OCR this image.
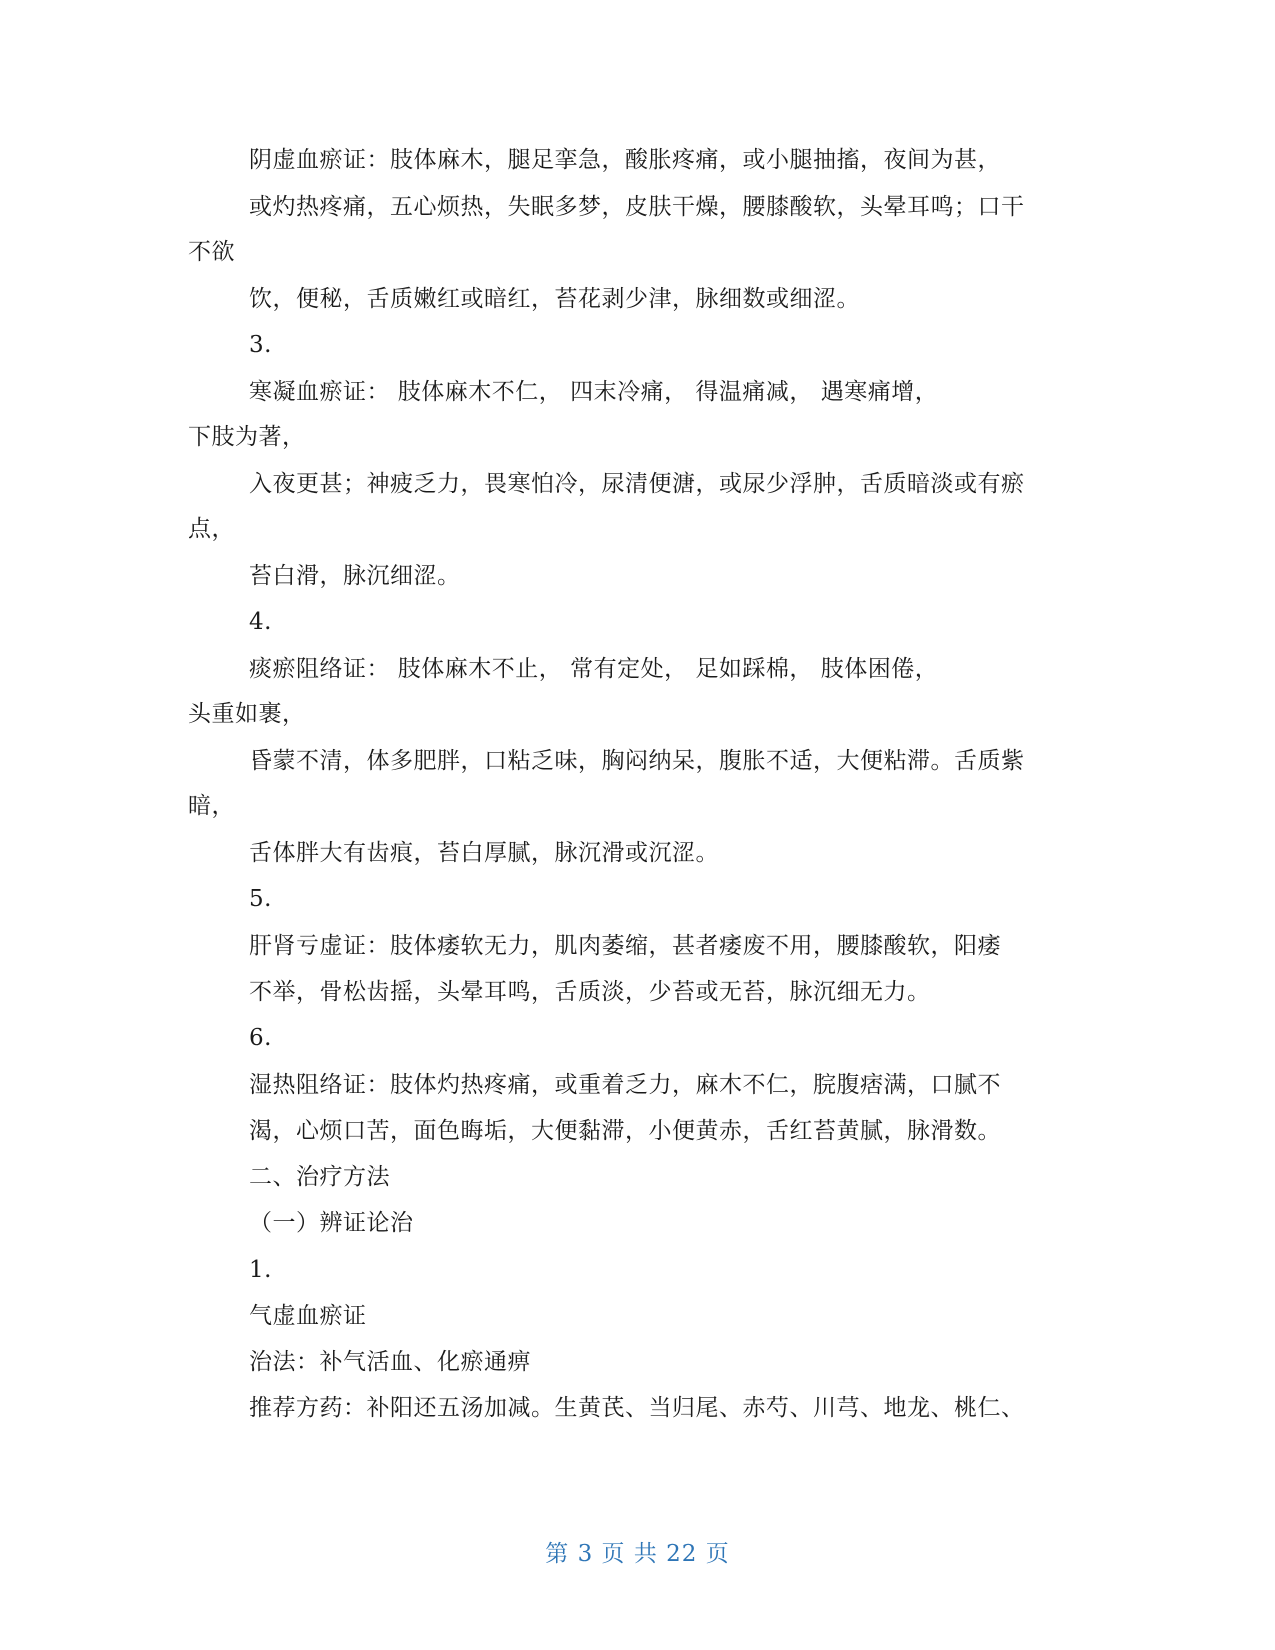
阴虚血瘀证：肢体麻木，腿足挛急，酸胀疼痛，或小腿抽搐，夜间为甚，
或灼热疼痛，五心烦热，失眠多梦，皮肤干燥，腰膝酸软，头晕耳鸣；口干
不欲
饮，便秘，舌质嫩红或暗红，苔花剥少津，脉细数或细涩。
3.
寒凝血瘀证： 肢体麻木不仁， 四末冷痛， 得温痛减， 遇寒痛增，
下肢为著，
入夜更甚；神疲乏力，畏寒怕冷，尿清便溏，或尿少浮肿，舌质暗淡或有瘀
点，
苔白滑，脉沉细涩。
4.
痰瘀阻络证： 肢体麻木不止， 常有定处， 足如踩棉， 肢体困倦，
头重如裹，
昏蒙不清，体多肥胖，口粘乏味，胸闷纳呆，腹胀不适，大便粘滞。舌质紫
暗，
舌体胖大有齿痕，苔白厚腻，脉沉滑或沉涩。
5.
肝肾亏虚证：肢体痿软无力，肌肉萎缩，甚者痿废不用，腰膝酸软，阳痿
不举，骨松齿摇，头晕耳鸣，舌质淡，少苔或无苔，脉沉细无力。
6.
湿热阻络证：肢体灼热疼痛，或重着乏力，麻木不仁，脘腹痞满，口腻不
渴，心烦口苦，面色晦垢，大便黏滞，小便黄赤，舌红苔黄腻，脉滑数。
二、治疗方法
（一）辨证论治
1.
气虚血瘀证
治法：补气活血、化瘀通痹
推荐方药：补阳还五汤加减。生黄芪、当归尾、赤芍、川芎、地龙、桃仁、
第 3 页 共 22 页
